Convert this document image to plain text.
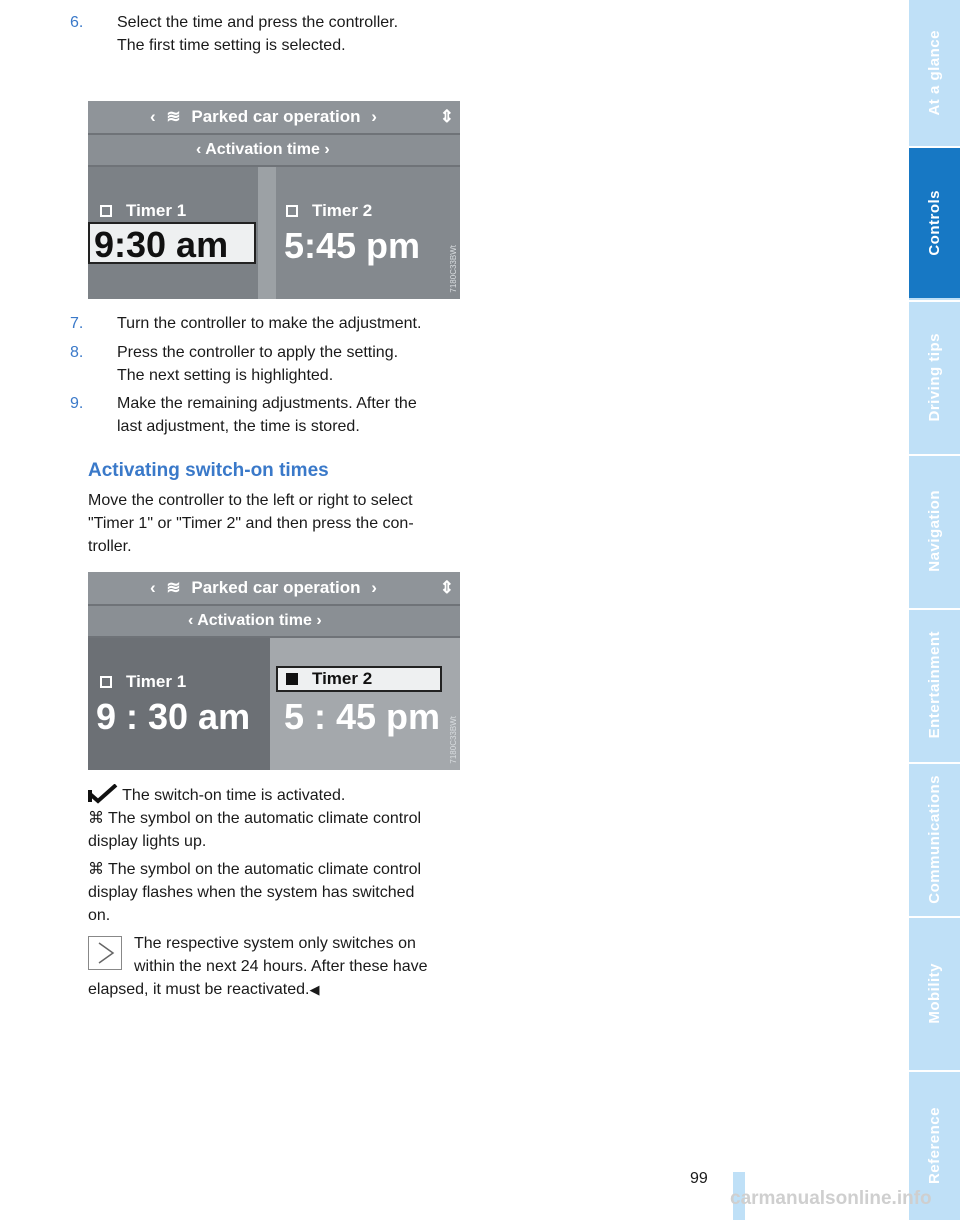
6. Select the time and press the controller.
The first time setting is selected.
‹ ≋ Parked car operation ›	⇕
‹ Activation time ›
Timer 1
9:30 am
Timer 2
5:45 pm	7180C33BWt
7. Turn the controller to make the adjustment.
8. Press the controller to apply the setting.
The next setting is highlighted.
9. Make the remaining adjustments. After the
last adjustment, the time is stored.
Activating switch-on times
Move the controller to the left or right to select
"Timer 1" or "Timer 2" and then press the con-
troller.
‹ ≋ Parked car operation ›	⇕
‹ Activation time ›
Timer 1
9 : 30 am
Timer 2
5 : 45 pm 7180C33BWt
The switch-on time is activated.
⌘ The symbol on the automatic climate control
display lights up.
⌘ The symbol on the automatic climate control
display flashes when the system has switched
on.
The respective system only switches on
within the next 24 hours. After these have
elapsed, it must be reactivated.◀
At a glance
Controls
Driving tips
Navigation
Entertainment
Communications
Mobility
Reference
99
carmanualsonline.info
